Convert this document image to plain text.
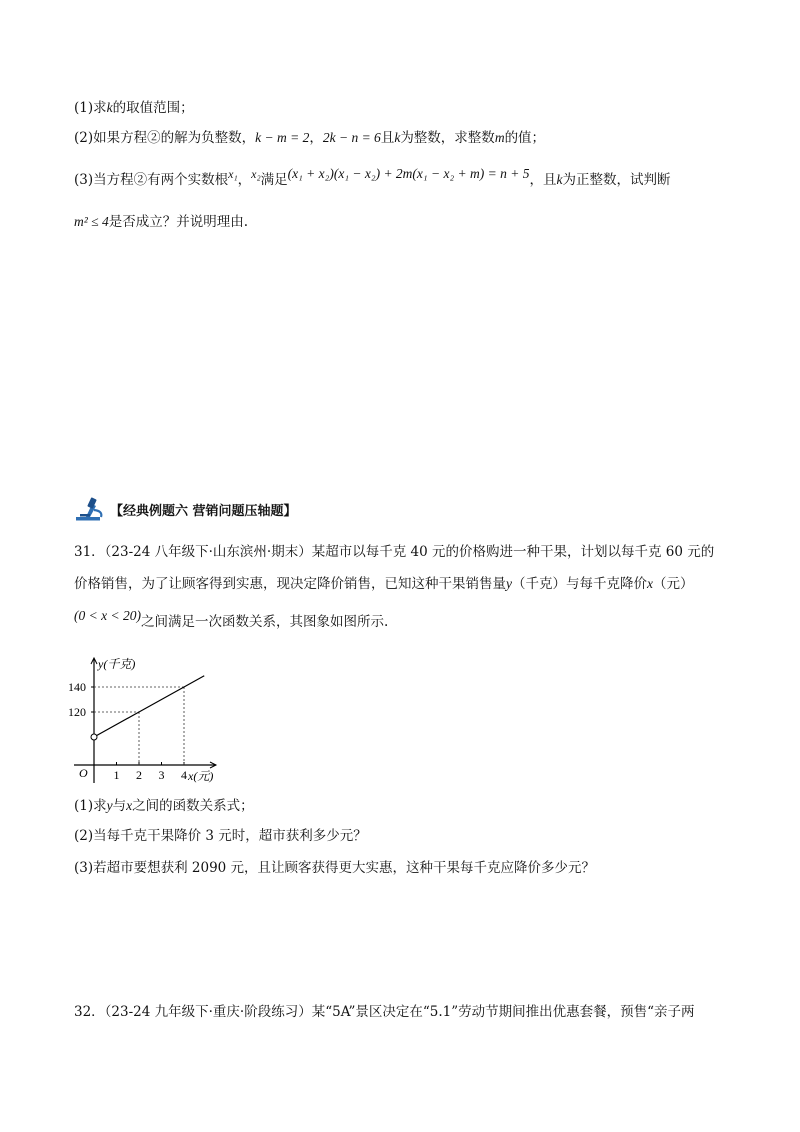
(1)求k的取值范围；
(2)如果方程②的解为负整数，k − m = 2，2k − n = 6且k为整数，求整数m的值；
(3)当方程②有两个实数根x₁，x₂满足(x₁ + x₂)(x₁ − x₂) + 2m(x₁ − x₂ + m) = n + 5，且k为正整数，试判断
m² ≤ 4是否成立？并说明理由.
【经典例题六 营销问题压轴题】
31．（23-24 八年级下·山东滨州·期末）某超市以每千克 40 元的价格购进一种干果，计划以每千克 60 元的
价格销售，为了让顾客得到实惠，现决定降价销售，已知这种干果销售量y（千克）与每千克降价x（元）
(0 < x < 20)之间满足一次函数关系，其图象如图所示.
y(千克)
x(元)
O 1 2 3 4
120
140
(1)求y与x之间的函数关系式；
(2)当每千克干果降价 3 元时，超市获利多少元？
(3)若超市要想获利 2090 元，且让顾客获得更大实惠，这种干果每千克应降价多少元？
32．（23-24 九年级下·重庆·阶段练习）某“5A”景区决定在“5.1”劳动节期间推出优惠套餐，预售“亲子两
